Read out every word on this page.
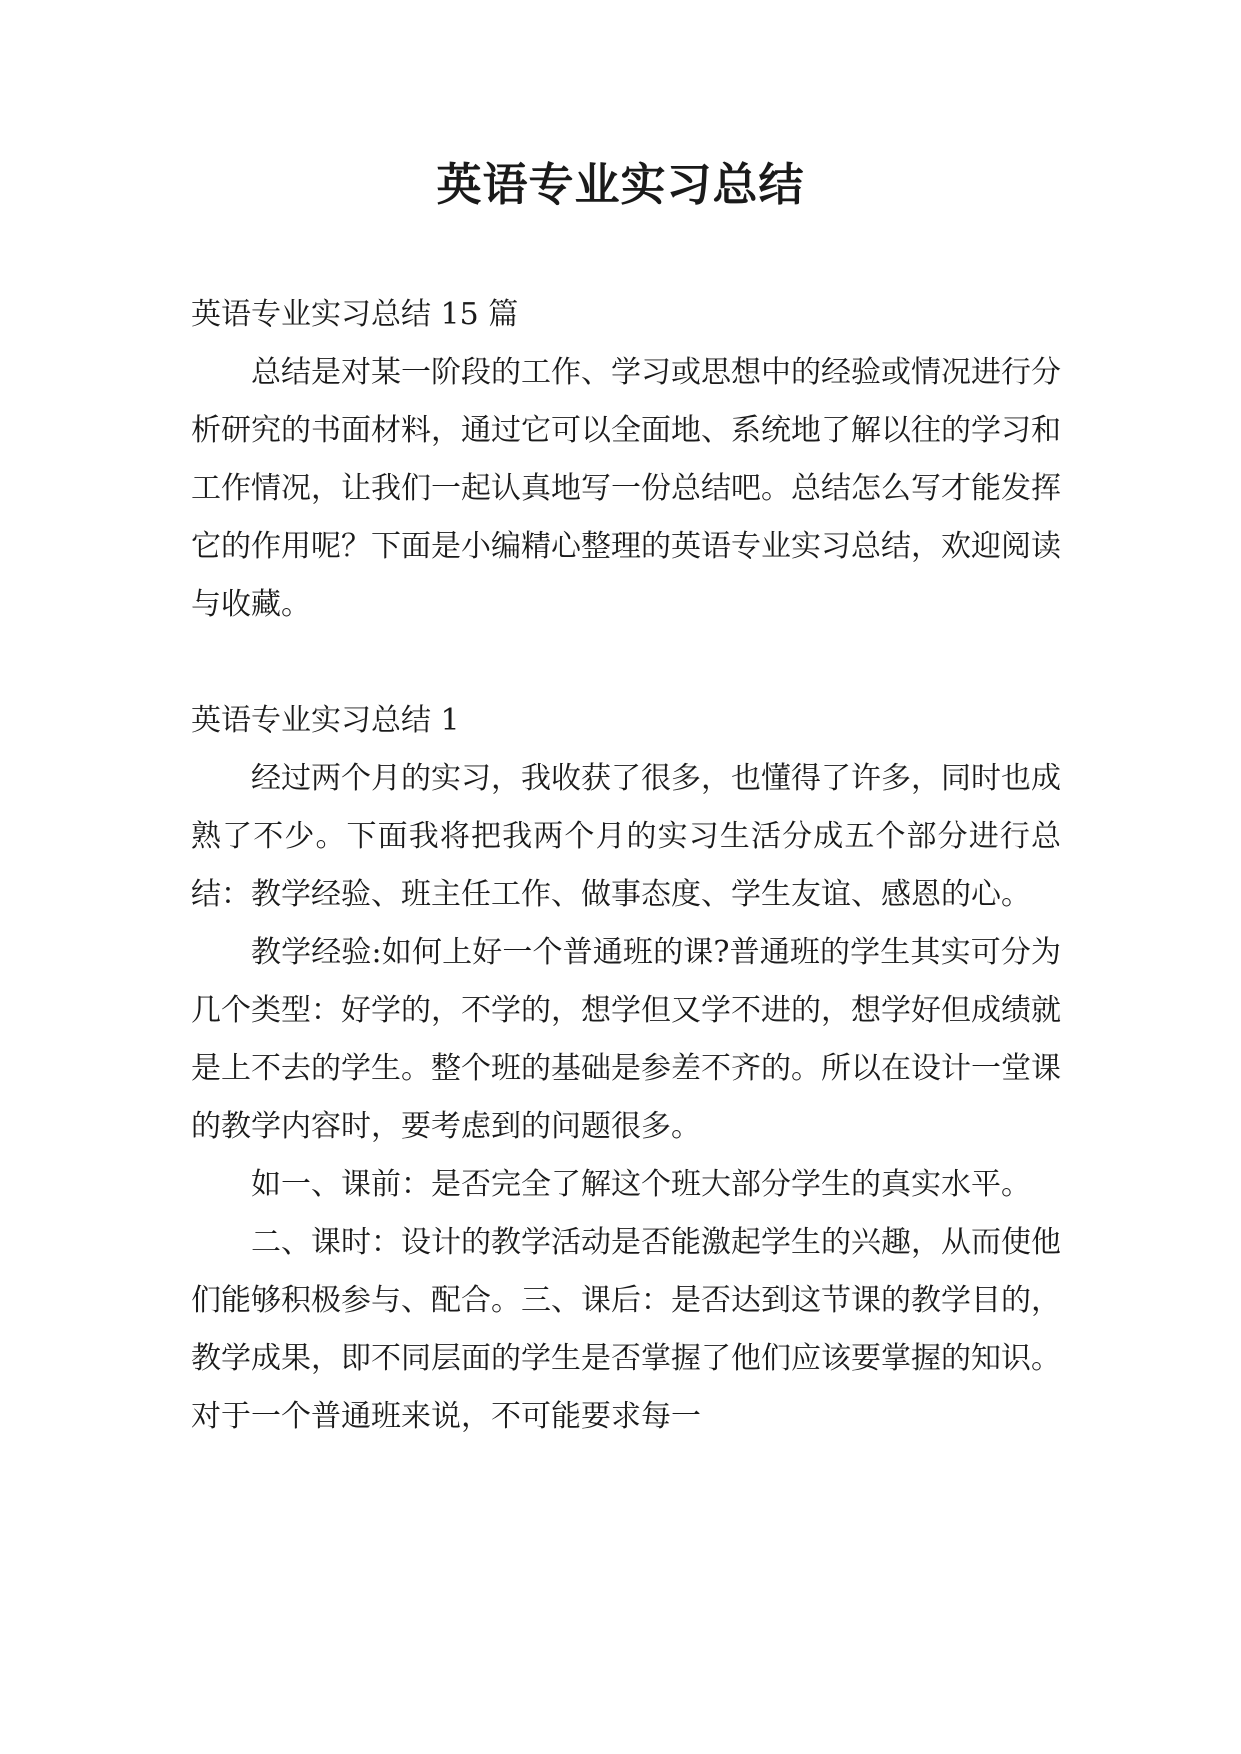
英语专业实习总结

英语专业实习总结 15 篇

总结是对某一阶段的工作、学习或思想中的经验或情况进行分析研究的书面材料，通过它可以全面地、系统地了解以往的学习和工作情况，让我们一起认真地写一份总结吧。总结怎么写才能发挥它的作用呢？下面是小编精心整理的英语专业实习总结，欢迎阅读与收藏。

英语专业实习总结 1

经过两个月的实习，我收获了很多，也懂得了许多，同时也成熟了不少。下面我将把我两个月的实习生活分成五个部分进行总结：教学经验、班主任工作、做事态度、学生友谊、感恩的心。

教学经验:如何上好一个普通班的课?普通班的学生其实可分为几个类型：好学的，不学的，想学但又学不进的，想学好但成绩就是上不去的学生。整个班的基础是参差不齐的。所以在设计一堂课的教学内容时，要考虑到的问题很多。

如一、课前：是否完全了解这个班大部分学生的真实水平。

二、课时：设计的教学活动是否能激起学生的兴趣，从而使他们能够积极参与、配合。三、课后：是否达到这节课的教学目的，教学成果，即不同层面的学生是否掌握了他们应该要掌握的知识。对于一个普通班来说，不可能要求每一
